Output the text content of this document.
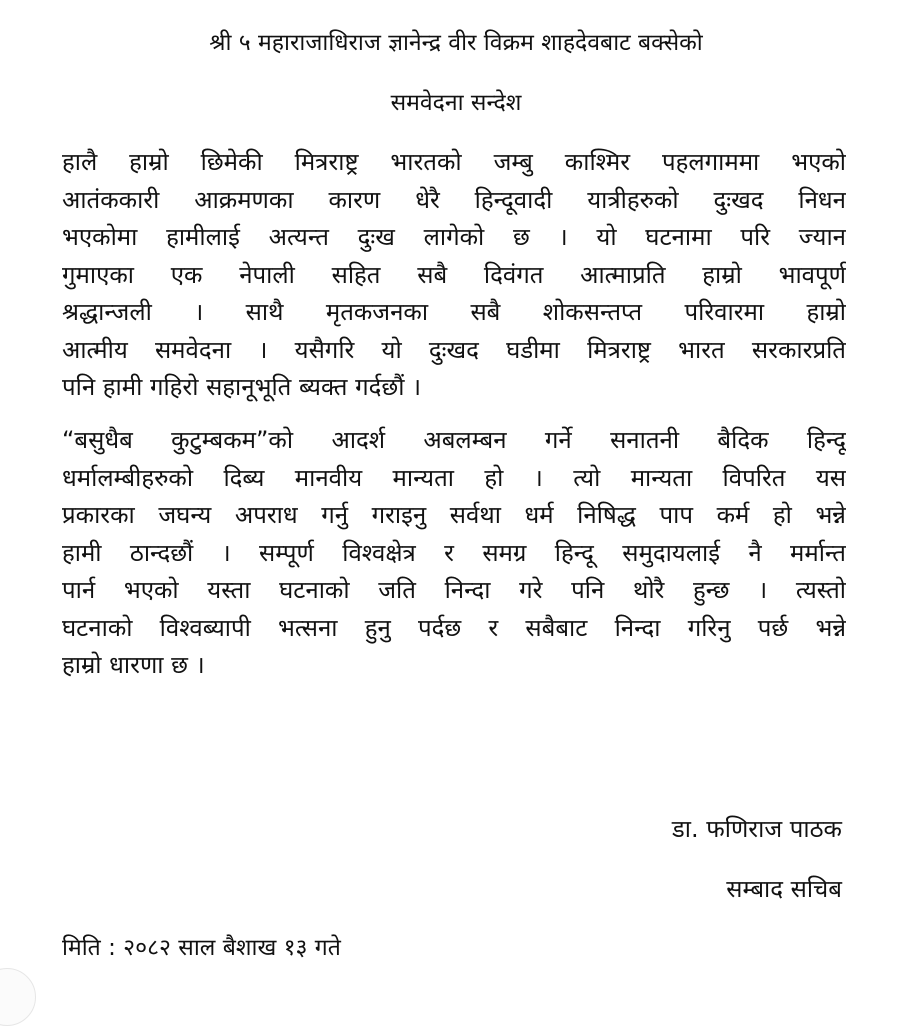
श्री ५ महाराजाधिराज ज्ञानेन्द्र वीर विक्रम शाहदेवबाट बक्सेको

समवेदना सन्देश

हालै हाम्रो छिमेकी मित्रराष्ट्र भारतको जम्बु काश्मिर पहलगाममा भएको
आतंककारी आक्रमणका कारण धेरै हिन्दूवादी यात्रीहरुको दुःखद निधन
भएकोमा हामीलाई अत्यन्त दुःख लागेको छ । यो घटनामा परि ज्यान
गुमाएका एक नेपाली सहित सबै दिवंगत आत्माप्रति हाम्रो भावपूर्ण
श्रद्धान्जली । साथै मृतकजनका सबै शोकसन्तप्त परिवारमा हाम्रो
आत्मीय समवेदना । यसैगरि यो दुःखद घडीमा मित्रराष्ट्र भारत सरकारप्रति
पनि हामी गहिरो सहानूभूति ब्यक्त गर्दछौं ।
“बसुधैब कुटुम्बकम”को आदर्श अबलम्बन गर्ने सनातनी बैदिक हिन्दू
धर्मालम्बीहरुको दिब्य मानवीय मान्यता हो । त्यो मान्यता विपरित यस
प्रकारका जघन्य अपराध गर्नु गराइनु सर्वथा धर्म निषिद्ध पाप कर्म हो भन्ने
हामी ठान्दछौं । सम्पूर्ण विश्वक्षेत्र र समग्र हिन्दू समुदायलाई नै मर्मान्त
पार्न भएको यस्ता घटनाको जति निन्दा गरे पनि थोरै हुन्छ । त्यस्तो
घटनाको विश्वब्यापी भत्सना हुनु पर्दछ र सबैबाट निन्दा गरिनु पर्छ भन्ने
हाम्रो धारणा छ ।

डा. फणिराज पाठक

सम्बाद सचिब

मिति : २०८२ साल बैशाख १३ गते
